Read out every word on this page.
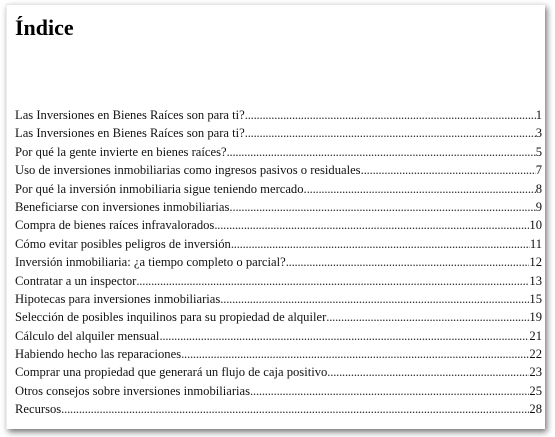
Índice
Las Inversiones en Bienes Raíces son para ti? .....	1
Las Inversiones en Bienes Raíces son para ti? .....	3
Por qué la gente invierte en bienes raíces? .....	5
Uso de inversiones inmobiliarias como ingresos pasivos o residuales. .....	7
Por qué la inversión inmobiliaria sigue teniendo mercado. .....	8
Beneficiarse con inversiones inmobiliarias. .....	9
Compra de bienes raíces infravalorados .....	10
Cómo evitar posibles peligros de inversión .....	11
Inversión inmobiliaria: ¿a tiempo completo o parcial? .....	12
Contratar a un inspector .....	13
Hipotecas para inversiones inmobiliarias .....	15
Selección de posibles inquilinos para su propiedad de alquiler .....	19
Cálculo del alquiler mensual .....	21
Habiendo hecho las reparaciones .....	22
Comprar una propiedad que generará un flujo de caja positivo .....	23
Otros consejos sobre inversiones inmobiliarias .....	25
Recursos .....	28
